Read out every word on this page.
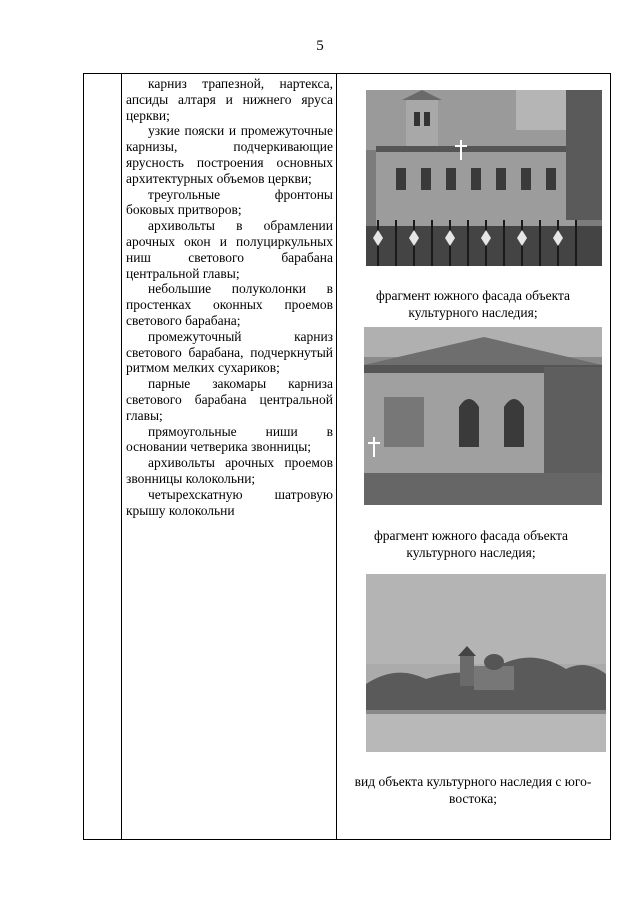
5

карниз трапезной, нартекса, апсиды алтаря и нижнего яруса церкви;

узкие пояски и промежуточные карнизы, подчеркивающие ярусность построения основных архитектурных объемов церкви;

треугольные фронтоны боковых притворов;

архивольты в обрамлении арочных окон и полуциркульных ниш светового барабана центральной главы;

небольшие полуколонки в простенках оконных проемов светового барабана;

промежуточный карниз светового барабана, подчеркнутый ритмом мелких сухариков;

парные закомары карниза светового барабана центральной главы;

прямоугольные ниши в основании четверика звонницы;

архивольты арочных проемов звонницы колокольни;

четырехскатную шатровую крышу колокольни

фрагмент южного фасада объекта культурного наследия;
фрагмент южного фасада объекта культурного наследия;
вид объекта культурного наследия с юго-востока;
